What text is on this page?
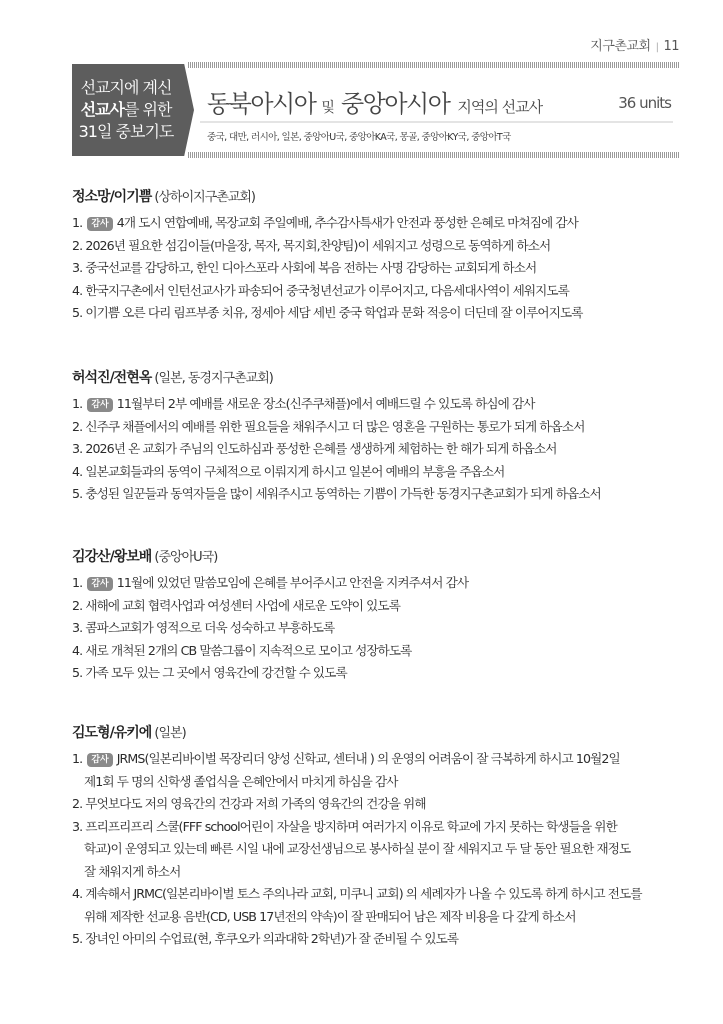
지구촌교회 | 11
선교지에 계신
선교사를 위한
31일 중보기도
동북아시아 및 중앙아시아 지역의 선교사	36 units
중국, 대만, 러시아, 일본, 중앙아U국, 중앙아KA국, 몽골, 중앙아KY국, 중앙아T국
정소망/이기쁨 (상하이지구촌교회)
1. 감사 4개 도시 연합예배, 목장교회 주일예배, 추수감사특새가 안전과 풍성한 은혜로 마쳐짐에 감사
2. 2026년 필요한 섬김이들(마을장, 목자, 목지회,찬양팀)이 세워지고 성령으로 동역하게 하소서
3. 중국선교를 감당하고, 한인 디아스포라 사회에 복음 전하는 사명 감당하는 교회되게 하소서
4. 한국지구촌에서 인턴선교사가 파송되어 중국청년선교가 이루어지고, 다음세대사역이 세워지도록
5. 이기쁨 오른 다리 림프부종 치유, 정세아 세담 세빈 중국 학업과 문화 적응이 더딘데 잘 이루어지도록
허석진/전현옥 (일본, 동경지구촌교회)
1. 감사 11월부터 2부 예배를 새로운 장소(신주쿠채플)에서 예배드릴 수 있도록 하심에 감사
2. 신주쿠 채플에서의 예배를 위한 필요들을 채워주시고 더 많은 영혼을 구원하는 통로가 되게 하옵소서
3. 2026년 온 교회가 주님의 인도하심과 풍성한 은혜를 생생하게 체험하는 한 해가 되게 하옵소서
4. 일본교회들과의 동역이 구체적으로 이뤄지게 하시고 일본어 예배의 부흥을 주옵소서
5. 충성된 일꾼들과 동역자들을 많이 세워주시고 동역하는 기쁨이 가득한 동경지구촌교회가 되게 하옵소서
김강산/왕보배 (중앙아U국)
1. 감사 11월에 있었던 말씀모임에 은혜를 부어주시고 안전을 지켜주셔서 감사
2. 새해에 교회 협력사업과 여성센터 사업에 새로운 도약이 있도록
3. 콤파스교회가 영적으로 더욱 성숙하고 부흥하도록
4. 새로 개척된 2개의 CB 말씀그룹이 지속적으로 모이고 성장하도록
5. 가족 모두 있는 그 곳에서 영육간에 강건할 수 있도록
김도형/유키에 (일본)
1. 감사 JRMS(일본리바이벌 목장리더 양성 신학교, 센터내 ) 의 운영의 어려움이 잘 극복하게 하시고 10월2일
제1회 두 명의 신학생 졸업식을 은혜안에서 마치게 하심을 감사
2. 무엇보다도 저의 영육간의 건강과 저희 가족의 영육간의 건강을 위해
3. 프리프리프리 스쿨(FFF school어린이 자살을 방지하며 여러가지 이유로 학교에 가지 못하는 학생들을 위한
학교)이 운영되고 있는데 빠른 시일 내에 교장선생님으로 봉사하실 분이 잘 세워지고 두 달 동안 필요한 재정도
잘 채워지게 하소서
4. 계속해서 JRMC(일본리바이벌 토스 주의나라 교회, 미쿠니 교회) 의 세례자가 나올 수 있도록 하게 하시고 전도를
위해 제작한 선교용 음반(CD, USB 17년전의 약속)이 잘 판매되어 남은 제작 비용을 다 갚게 하소서
5. 장녀인 아미의 수업료(현, 후쿠오카 의과대학 2학년)가 잘 준비될 수 있도록
